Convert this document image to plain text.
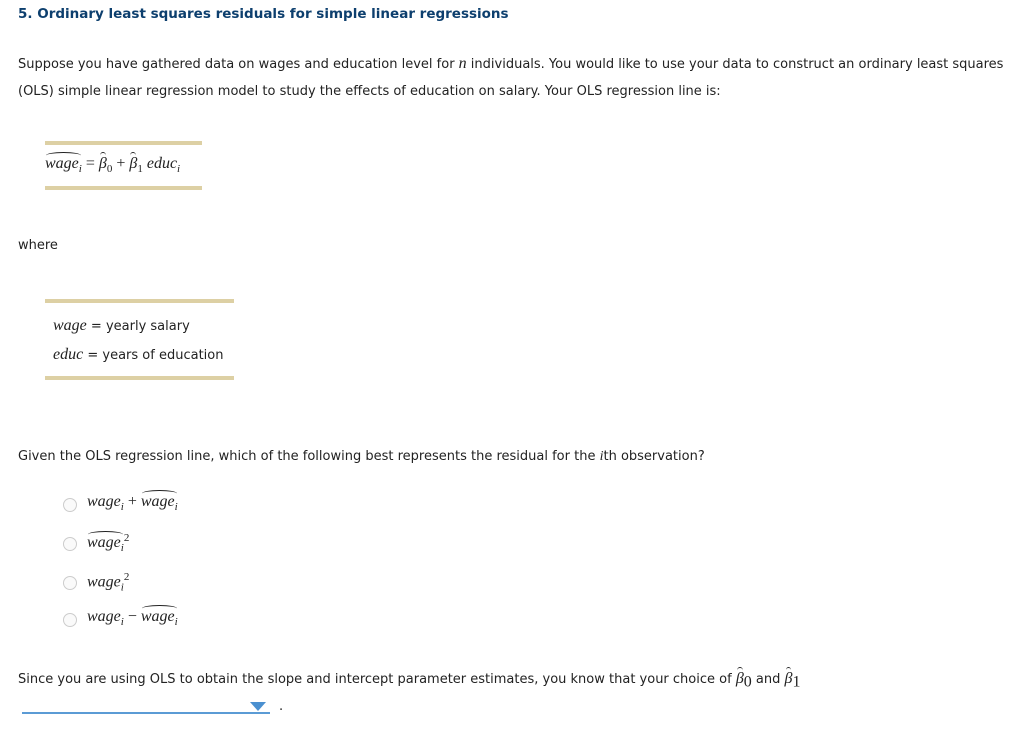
5. Ordinary least squares residuals for simple linear regressions
Suppose you have gathered data on wages and education level for n individuals. You would like to use your data to construct an ordinary least squares (OLS) simple linear regression model to study the effects of education on salary. Your OLS regression line is:
wage$_i$ = $\beta_0 + \beta_1$ educ$_i$
where
wage = yearly salary
educ = years of education
Given the OLS regression line, which of the following best represents the residual for the ith observation?
wage$_i$ + wage$_i$
wage$_i^2$
wage$_i^2$
wage$_i$ − wage$_i$
Since you are using OLS to obtain the slope and intercept parameter estimates, you know that your choice of $\beta_0$ and $\beta_1$
.
